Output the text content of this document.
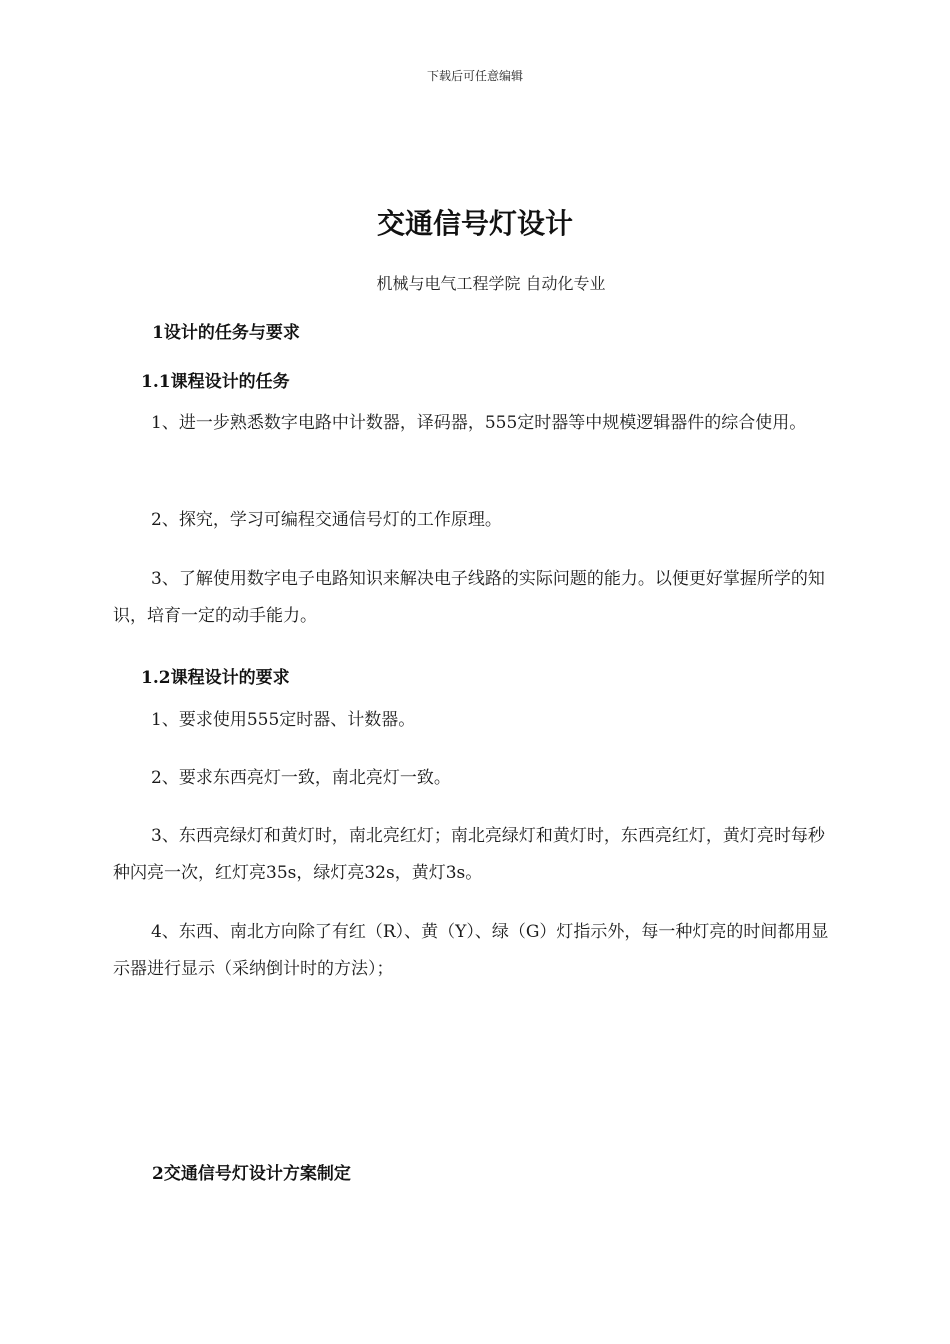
下载后可任意编辑
交通信号灯设计
机械与电气工程学院 自动化专业
1设计的任务与要求
1.1课程设计的任务
1、进一步熟悉数字电路中计数器，译码器，555定时器等中规模逻辑器件的综合使用。
2、探究，学习可编程交通信号灯的工作原理。
3、了解使用数字电子电路知识来解决电子线路的实际问题的能力。以便更好掌握所学的知识，培育一定的动手能力。
1.2课程设计的要求
1、要求使用555定时器、计数器。
2、要求东西亮灯一致，南北亮灯一致。
3、东西亮绿灯和黄灯时，南北亮红灯；南北亮绿灯和黄灯时，东西亮红灯，黄灯亮时每秒种闪亮一次，红灯亮35s，绿灯亮32s，黄灯3s。
4、东西、南北方向除了有红（R）、黄（Y）、绿（G）灯指示外，每一种灯亮的时间都用显示器进行显示（采纳倒计时的方法）；
2交通信号灯设计方案制定
